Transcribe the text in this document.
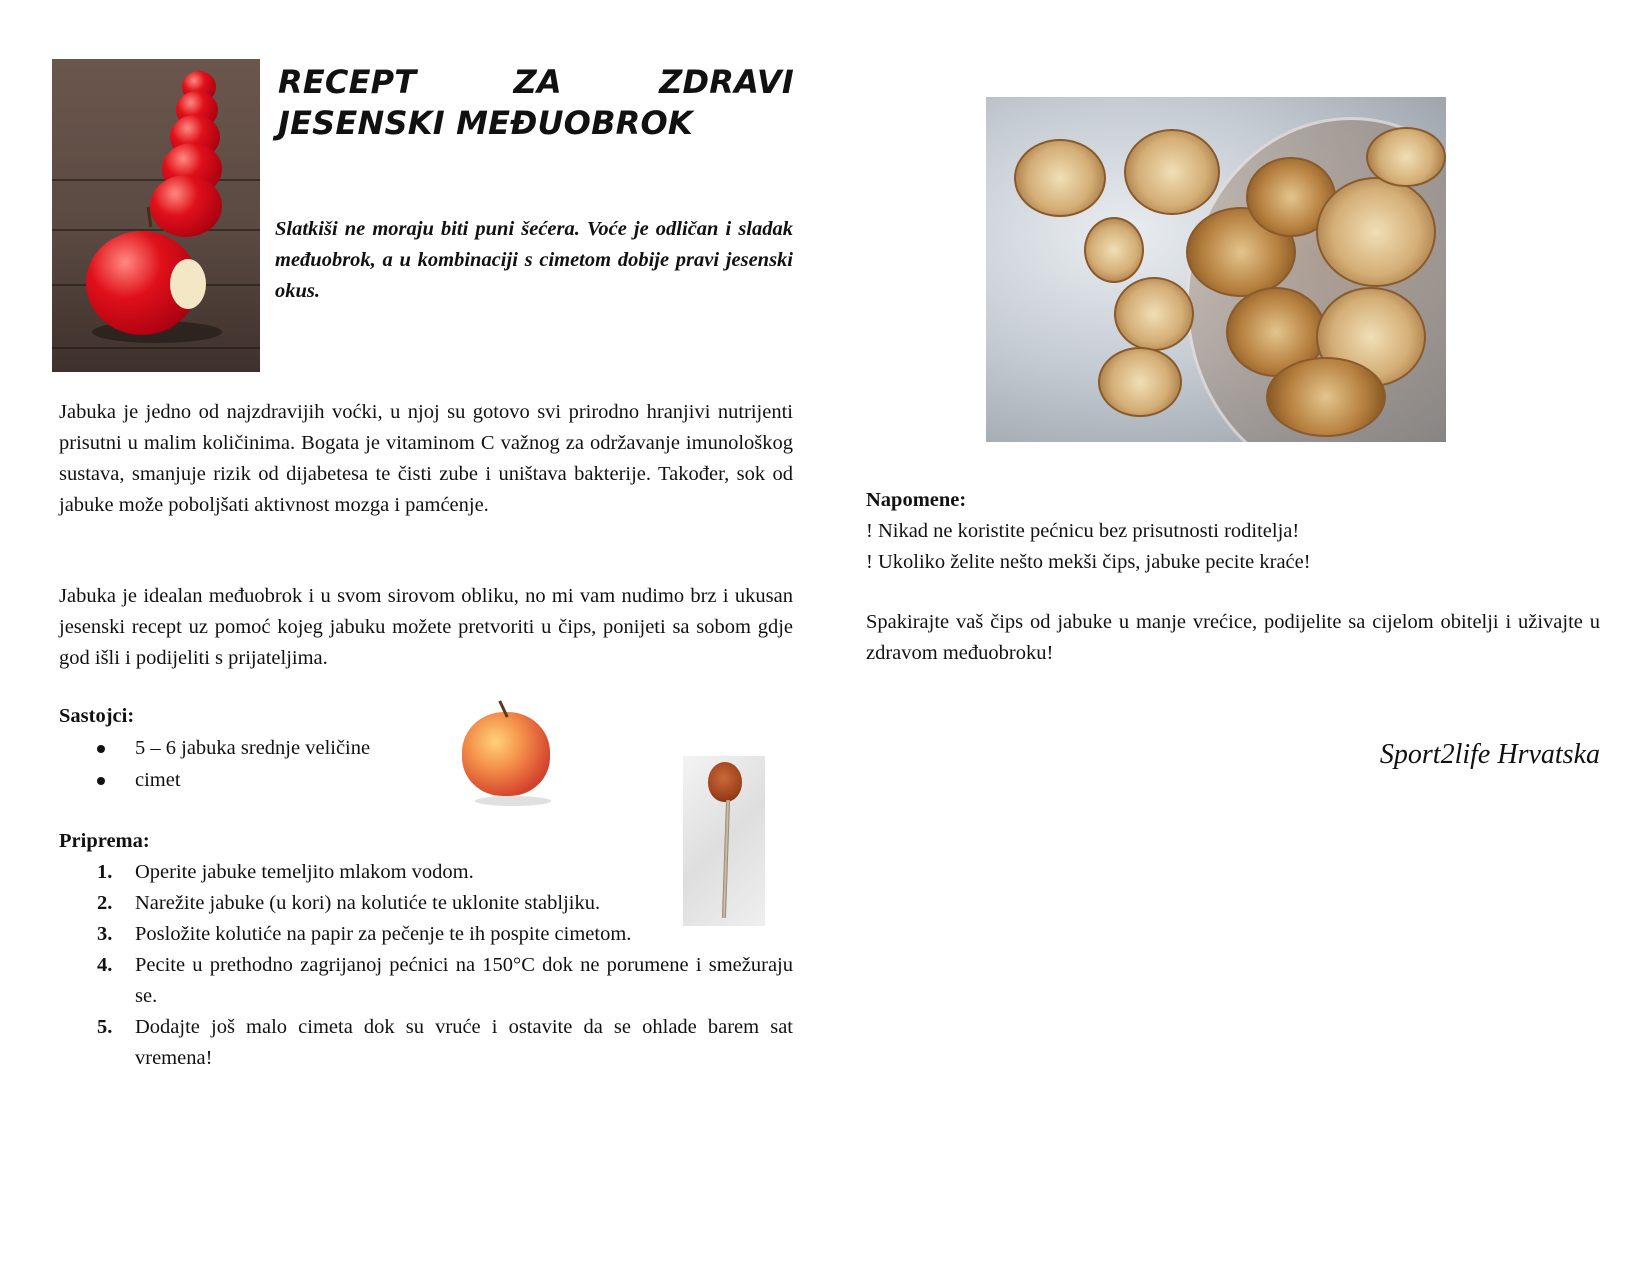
RECEPT	ZA	ZDRAVI
JESENSKI MEĐUOBROK

Slatkiši ne moraju biti puni šećera. Voće je odličan i sladak međuobrok, a u kombinaciji s cimetom dobije pravi jesenski okus.

Jabuka je jedno od najzdravijih voćki, u njoj su gotovo svi prirodno hranjivi nutrijenti prisutni u malim količinima. Bogata je vitaminom C važnog za održavanje imunološkog sustava, smanjuje rizik od dijabetesa te čisti zube i uništava bakterije. Također, sok od jabuke može poboljšati aktivnost mozga i pamćenje.

Jabuka je idealan međuobrok i u svom sirovom obliku, no mi vam nudimo brz i ukusan jesenski recept uz pomoć kojeg jabuku možete pretvoriti u čips, ponijeti sa sobom gdje god išli i podijeliti s prijateljima.

Sastojci:
5 – 6 jabuka srednje veličine
cimet
Priprema:
1. Operite jabuke temeljito mlakom vodom.
2. Narežite jabuke (u kori) na kolutiće te uklonite stabljiku.
3. Posložite kolutiće na papir za pečenje te ih pospite cimetom.
4. Pecite u prethodno zagrijanoj pećnici na 150°C dok ne porumene i smežuraju se.
5. Dodajte još malo cimeta dok su vruće i ostavite da se ohlade barem sat vremena!
Napomene:

! Nikad ne koristite pećnicu bez prisutnosti roditelja!

! Ukoliko želite nešto mekši čips, jabuke pecite kraće!

Spakirajte vaš čips od jabuke u manje vrećice, podijelite sa cijelom obitelji i uživajte u zdravom međuobroku!

Sport2life Hrvatska
